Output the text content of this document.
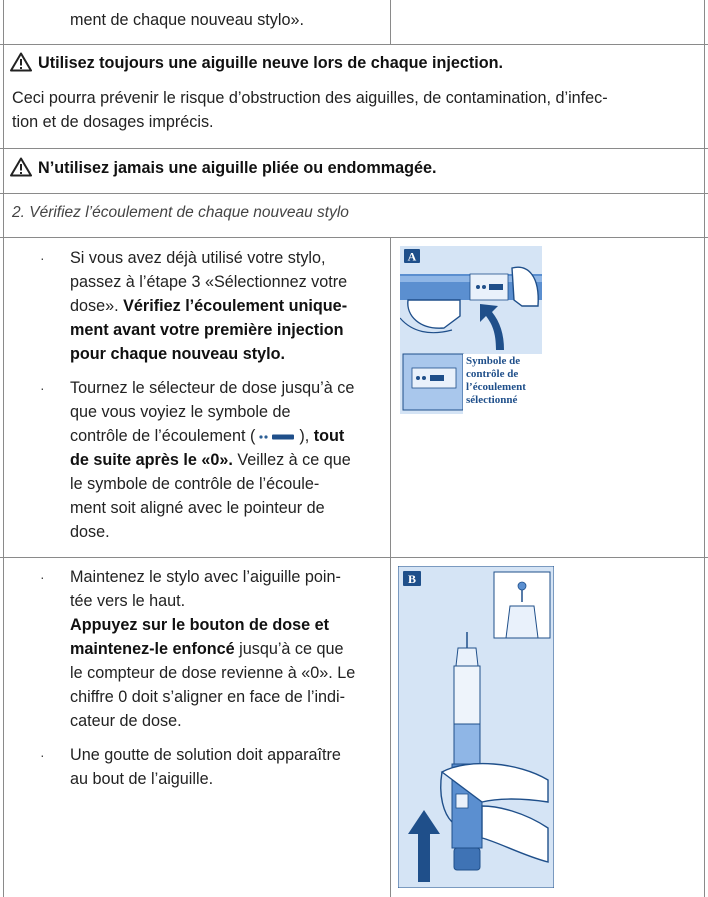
ment de chaque nouveau stylo».
Utilisez toujours une aiguille neuve lors de chaque injection.
Ceci pourra prévenir le risque d’obstruction des aiguilles, de contamination, d’infec-
tion et de dosages imprécis.
N’utilisez jamais une aiguille pliée ou endommagée.
2. Vérifiez l’écoulement de chaque nouveau stylo
· Si vous avez déjà utilisé votre stylo,
passez à l’étape 3 «Sélectionnez votre
dose». Vérifiez l’écoulement unique-
ment avant votre première injection
pour chaque nouveau stylo.
· Tournez le sélecteur de dose jusqu’à ce
que vous voyiez le symbole de
contrôle de l’écoulement (	), tout
de suite après le «0». Veillez à ce que
le symbole de contrôle de l’écoule-
ment soit aligné avec le pointeur de
dose.
A
Symbole de
contrôle de
l’écoulement
sélectionné
· Maintenez le stylo avec l’aiguille poin-
tée vers le haut.
Appuyez sur le bouton de dose et
maintenez-le enfoncé jusqu’à ce que
le compteur de dose revienne à «0». Le
chiffre 0 doit s’aligner en face de l’indi-
cateur de dose.
· Une goutte de solution doit apparaître
au bout de l’aiguille.
B
